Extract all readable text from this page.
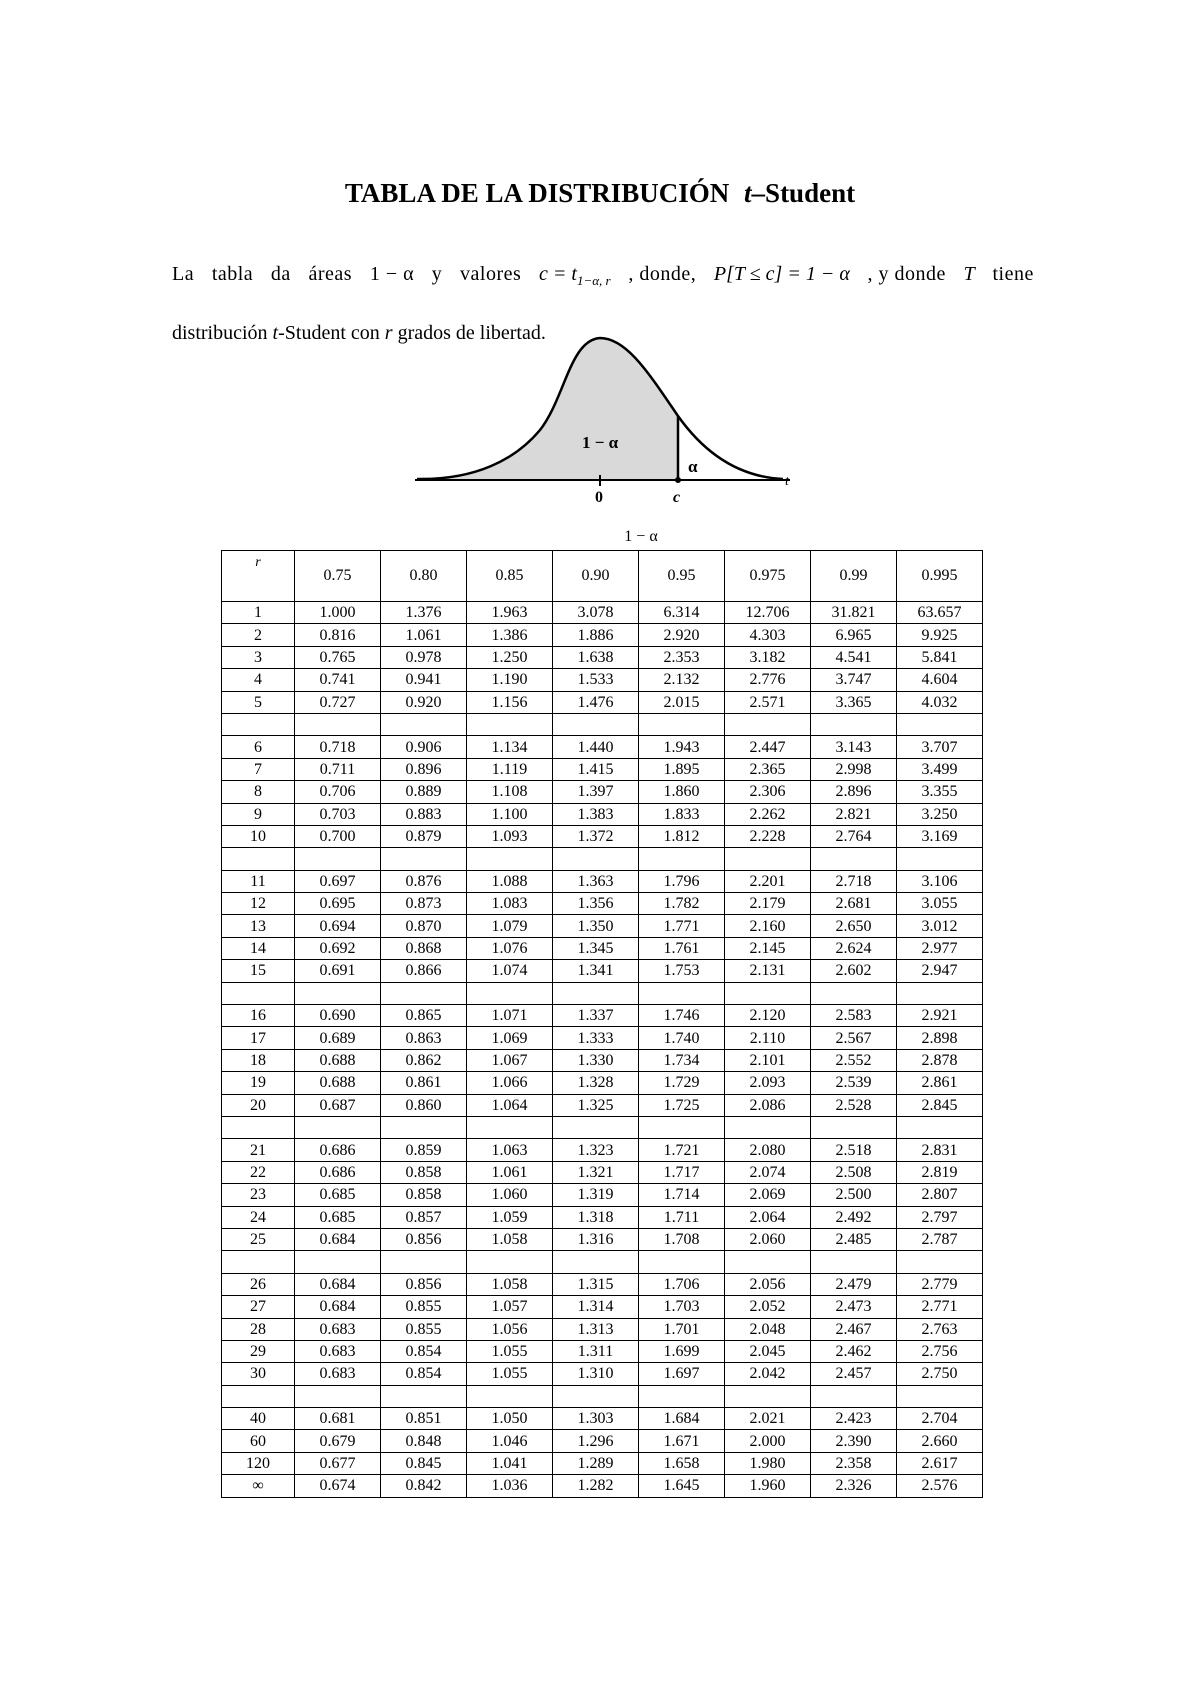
TABLA DE LA DISTRIBUCIÓN t–Student
La tabla da áreas 1 − α y valores $c = t_{1-\alpha, r}$ , donde, P[T ≤ c] = 1 − α , y donde T tiene
distribución t-Student con r grados de libertad.
1 − α
α
0	c
t
1 − α
r	0.75	0.80	0.85	0.90	0.95	0.975	0.99	0.995
1	1.000	1.376	1.963	3.078	6.314	12.706	31.821	63.657
2	0.816	1.061	1.386	1.886	2.920	4.303	6.965	9.925
3	0.765	0.978	1.250	1.638	2.353	3.182	4.541	5.841
4	0.741	0.941	1.190	1.533	2.132	2.776	3.747	4.604
5	0.727	0.920	1.156	1.476	2.015	2.571	3.365	4.032

6	0.718	0.906	1.134	1.440	1.943	2.447	3.143	3.707
7	0.711	0.896	1.119	1.415	1.895	2.365	2.998	3.499
8	0.706	0.889	1.108	1.397	1.860	2.306	2.896	3.355
9	0.703	0.883	1.100	1.383	1.833	2.262	2.821	3.250
10	0.700	0.879	1.093	1.372	1.812	2.228	2.764	3.169

11	0.697	0.876	1.088	1.363	1.796	2.201	2.718	3.106
12	0.695	0.873	1.083	1.356	1.782	2.179	2.681	3.055
13	0.694	0.870	1.079	1.350	1.771	2.160	2.650	3.012
14	0.692	0.868	1.076	1.345	1.761	2.145	2.624	2.977
15	0.691	0.866	1.074	1.341	1.753	2.131	2.602	2.947

16	0.690	0.865	1.071	1.337	1.746	2.120	2.583	2.921
17	0.689	0.863	1.069	1.333	1.740	2.110	2.567	2.898
18	0.688	0.862	1.067	1.330	1.734	2.101	2.552	2.878
19	0.688	0.861	1.066	1.328	1.729	2.093	2.539	2.861
20	0.687	0.860	1.064	1.325	1.725	2.086	2.528	2.845

21	0.686	0.859	1.063	1.323	1.721	2.080	2.518	2.831
22	0.686	0.858	1.061	1.321	1.717	2.074	2.508	2.819
23	0.685	0.858	1.060	1.319	1.714	2.069	2.500	2.807
24	0.685	0.857	1.059	1.318	1.711	2.064	2.492	2.797
25	0.684	0.856	1.058	1.316	1.708	2.060	2.485	2.787

26	0.684	0.856	1.058	1.315	1.706	2.056	2.479	2.779
27	0.684	0.855	1.057	1.314	1.703	2.052	2.473	2.771
28	0.683	0.855	1.056	1.313	1.701	2.048	2.467	2.763
29	0.683	0.854	1.055	1.311	1.699	2.045	2.462	2.756
30	0.683	0.854	1.055	1.310	1.697	2.042	2.457	2.750

40	0.681	0.851	1.050	1.303	1.684	2.021	2.423	2.704
60	0.679	0.848	1.046	1.296	1.671	2.000	2.390	2.660
120	0.677	0.845	1.041	1.289	1.658	1.980	2.358	2.617
∞	0.674	0.842	1.036	1.282	1.645	1.960	2.326	2.576
